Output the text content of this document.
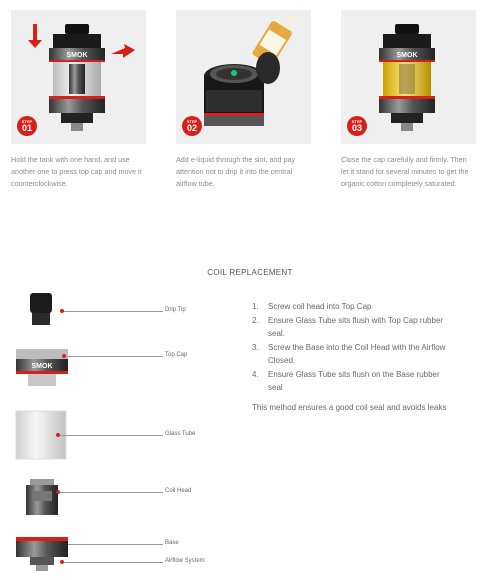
SMOK
STEP
01
Hold the tank with one hand, and use
another one to press top cap and move it
counterclockwise.
STEP
02
Add e-liquid through the slot, and pay
attention not to drip it into the central
airflow tube.
SMOK
STEP
03
Close the cap carefully and firmly. Then
let it stand for several minutes to get the
organic cotton completely saturated.
COIL REPLACEMENT
SMOK
Drip Tip
Top Cap
Glass Tube
Coil Head
Base
Airflow System
1. Screw coil head into Top Cap
2. Ensure Glass Tube sits flush with Top Cap rubber
seal.
3. Screw the Base into the Coil Head with the Airflow
Closed.
4. Ensure Glass Tube sits flush on the Base rubber
seal
This method ensures a good coil seal and avoids leaks
